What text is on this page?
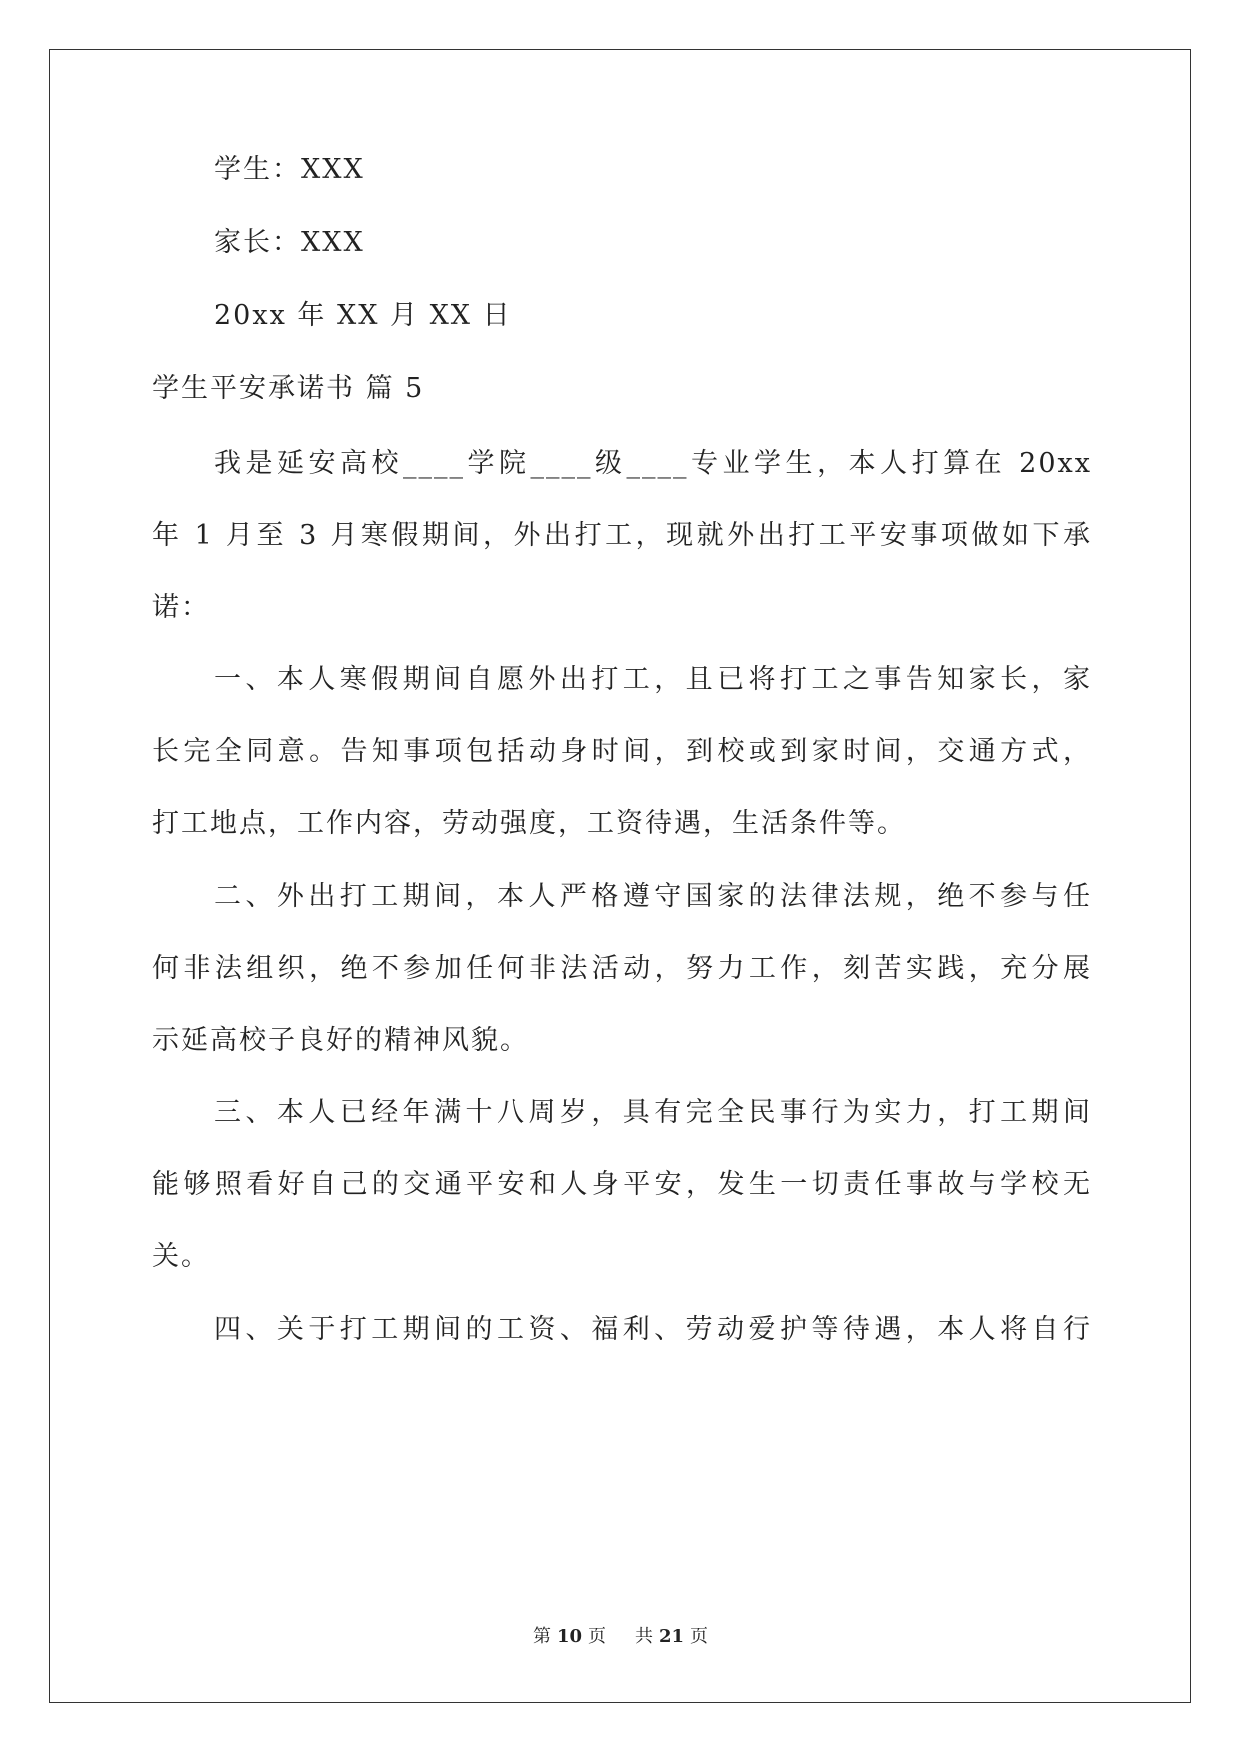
学生：XXX
家长：XXX
20xx 年 XX 月 XX 日
学生平安承诺书 篇 5
我是延安高校____学院____级____专业学生，本人打算在 20xx
年 1 月至 3 月寒假期间，外出打工，现就外出打工平安事项做如下承
诺：
一、本人寒假期间自愿外出打工，且已将打工之事告知家长，家
长完全同意。告知事项包括动身时间，到校或到家时间，交通方式，
打工地点，工作内容，劳动强度，工资待遇，生活条件等。
二、外出打工期间，本人严格遵守国家的法律法规，绝不参与任
何非法组织，绝不参加任何非法活动，努力工作，刻苦实践，充分展
示延高校子良好的精神风貌。
三、本人已经年满十八周岁，具有完全民事行为实力，打工期间
能够照看好自己的交通平安和人身平安，发生一切责任事故与学校无
关。
四、关于打工期间的工资、福利、劳动爱护等待遇，本人将自行
第 10 页 共 21 页
